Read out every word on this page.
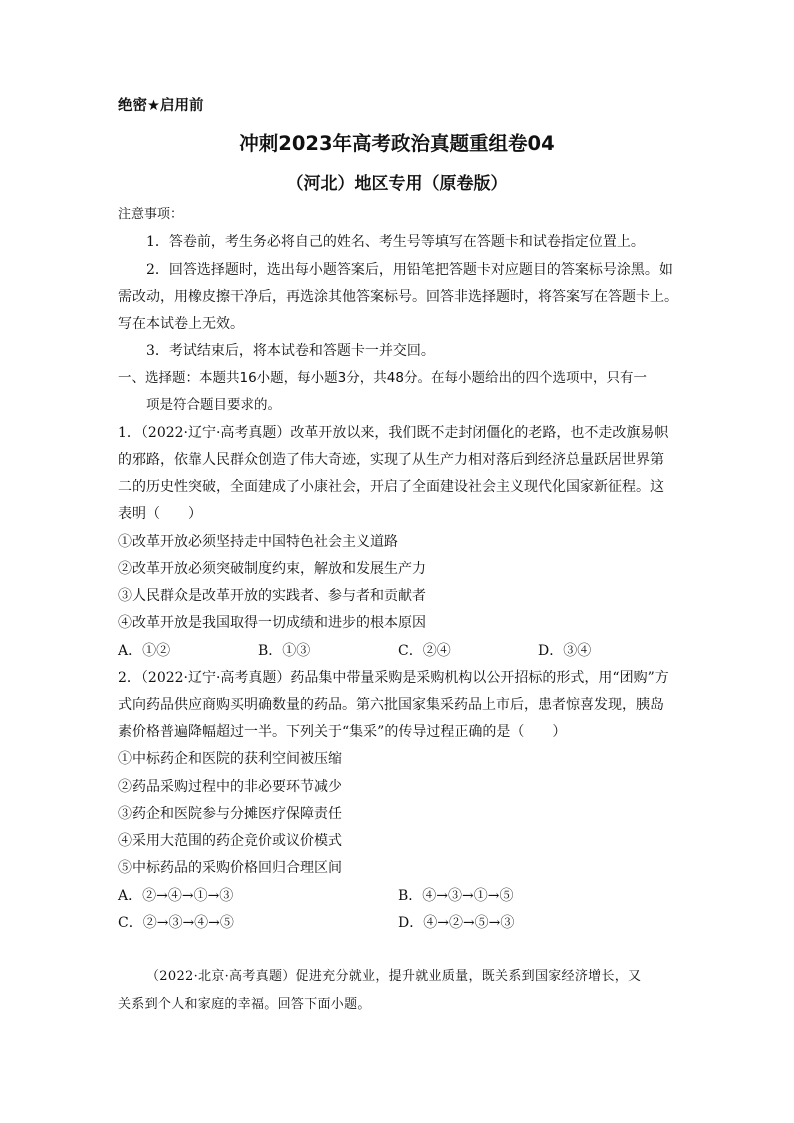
绝密★启用前
冲刺2023年高考政治真题重组卷04
（河北）地区专用（原卷版）
注意事项：
1．答卷前，考生务必将自己的姓名、考生号等填写在答题卡和试卷指定位置上。
2．回答选择题时，选出每小题答案后，用铅笔把答题卡对应题目的答案标号涂黑。如
需改动，用橡皮擦干净后，再选涂其他答案标号。回答非选择题时，将答案写在答题卡上。
写在本试卷上无效。
3．考试结束后，将本试卷和答题卡一并交回。
一、选择题：本题共16小题，每小题3分，共48分。在每小题给出的四个选项中，只有一
项是符合题目要求的。
1．（2022·辽宁·高考真题）改革开放以来，我们既不走封闭僵化的老路，也不走改旗易帜
的邪路，依靠人民群众创造了伟大奇迹，实现了从生产力相对落后到经济总量跃居世界第
二的历史性突破，全面建成了小康社会，开启了全面建设社会主义现代化国家新征程。这
表明（　　）
①改革开放必须坚持走中国特色社会主义道路
②改革开放必须突破制度约束，解放和发展生产力
③人民群众是改革开放的实践者、参与者和贡献者
④改革开放是我国取得一切成绩和进步的根本原因
A．①②	B．①③	C．②④	D．③④
2．（2022·辽宁·高考真题）药品集中带量采购是采购机构以公开招标的形式，用“团购”方
式向药品供应商购买明确数量的药品。第六批国家集采药品上市后，患者惊喜发现，胰岛
素价格普遍降幅超过一半。下列关于“集采”的传导过程正确的是（　　）
①中标药企和医院的获利空间被压缩
②药品采购过程中的非必要环节减少
③药企和医院参与分摊医疗保障责任
④采用大范围的药企竞价或议价模式
⑤中标药品的采购价格回归合理区间
A．②→④→①→③	B．④→③→①→⑤
C．②→③→④→⑤	D．④→②→⑤→③
（2022·北京·高考真题）促进充分就业，提升就业质量，既关系到国家经济增长，又
关系到个人和家庭的幸福。回答下面小题。
